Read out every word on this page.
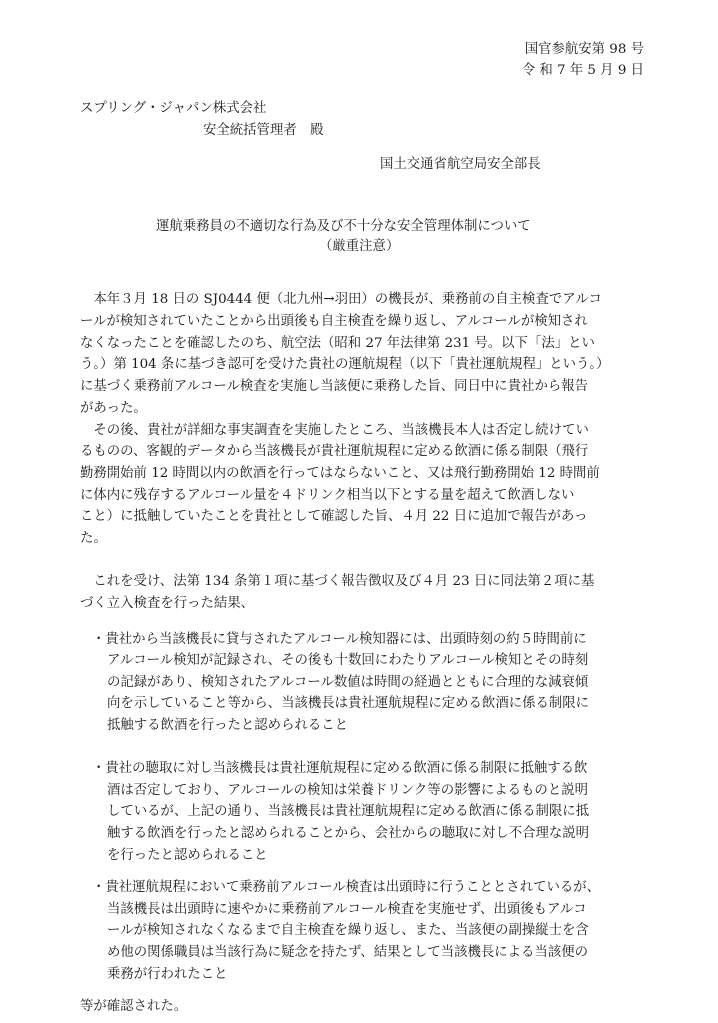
国官参航安第 98 号
令 和 7 年 5 月 9 日
スプリング・ジャパン株式会社
安全統括管理者　殿
国土交通省航空局安全部長
運航乗務員の不適切な行為及び不十分な安全管理体制について
（厳重注意）
　本年３月 18 日の SJ0444 便（北九州→羽田）の機長が、乗務前の自主検査でアルコ
ールが検知されていたことから出頭後も自主検査を繰り返し、アルコールが検知され
なくなったことを確認したのち、航空法（昭和 27 年法律第 231 号。以下「法」とい
う。）第 104 条に基づき認可を受けた貴社の運航規程（以下「貴社運航規程」という。）
に基づく乗務前アルコール検査を実施し当該便に乗務した旨、同日中に貴社から報告
があった。
　その後、貴社が詳細な事実調査を実施したところ、当該機長本人は否定し続けてい
るものの、客観的データから当該機長が貴社運航規程に定める飲酒に係る制限（飛行
勤務開始前 12 時間以内の飲酒を行ってはならないこと、又は飛行勤務開始 12 時間前
に体内に残存するアルコール量を４ドリンク相当以下とする量を超えて飲酒しない
こと）に抵触していたことを貴社として確認した旨、４月 22 日に追加で報告があっ
た。
　これを受け、法第 134 条第１項に基づく報告徴収及び４月 23 日に同法第２項に基
づく立入検査を行った結果、
・貴社から当該機長に貸与されたアルコール検知器には、出頭時刻の約５時間前に
アルコール検知が記録され、その後も十数回にわたりアルコール検知とその時刻
の記録があり、検知されたアルコール数値は時間の経過とともに合理的な減衰傾
向を示していること等から、当該機長は貴社運航規程に定める飲酒に係る制限に
抵触する飲酒を行ったと認められること
・貴社の聴取に対し当該機長は貴社運航規程に定める飲酒に係る制限に抵触する飲
酒は否定しており、アルコールの検知は栄養ドリンク等の影響によるものと説明
しているが、上記の通り、当該機長は貴社運航規程に定める飲酒に係る制限に抵
触する飲酒を行ったと認められることから、会社からの聴取に対し不合理な説明
を行ったと認められること
・貴社運航規程において乗務前アルコール検査は出頭時に行うこととされているが、
当該機長は出頭時に速やかに乗務前アルコール検査を実施せず、出頭後もアルコ
ールが検知されなくなるまで自主検査を繰り返し、また、当該便の副操縦士を含
め他の関係職員は当該行為に疑念を持たず、結果として当該機長による当該便の
乗務が行われたこと
等が確認された。
